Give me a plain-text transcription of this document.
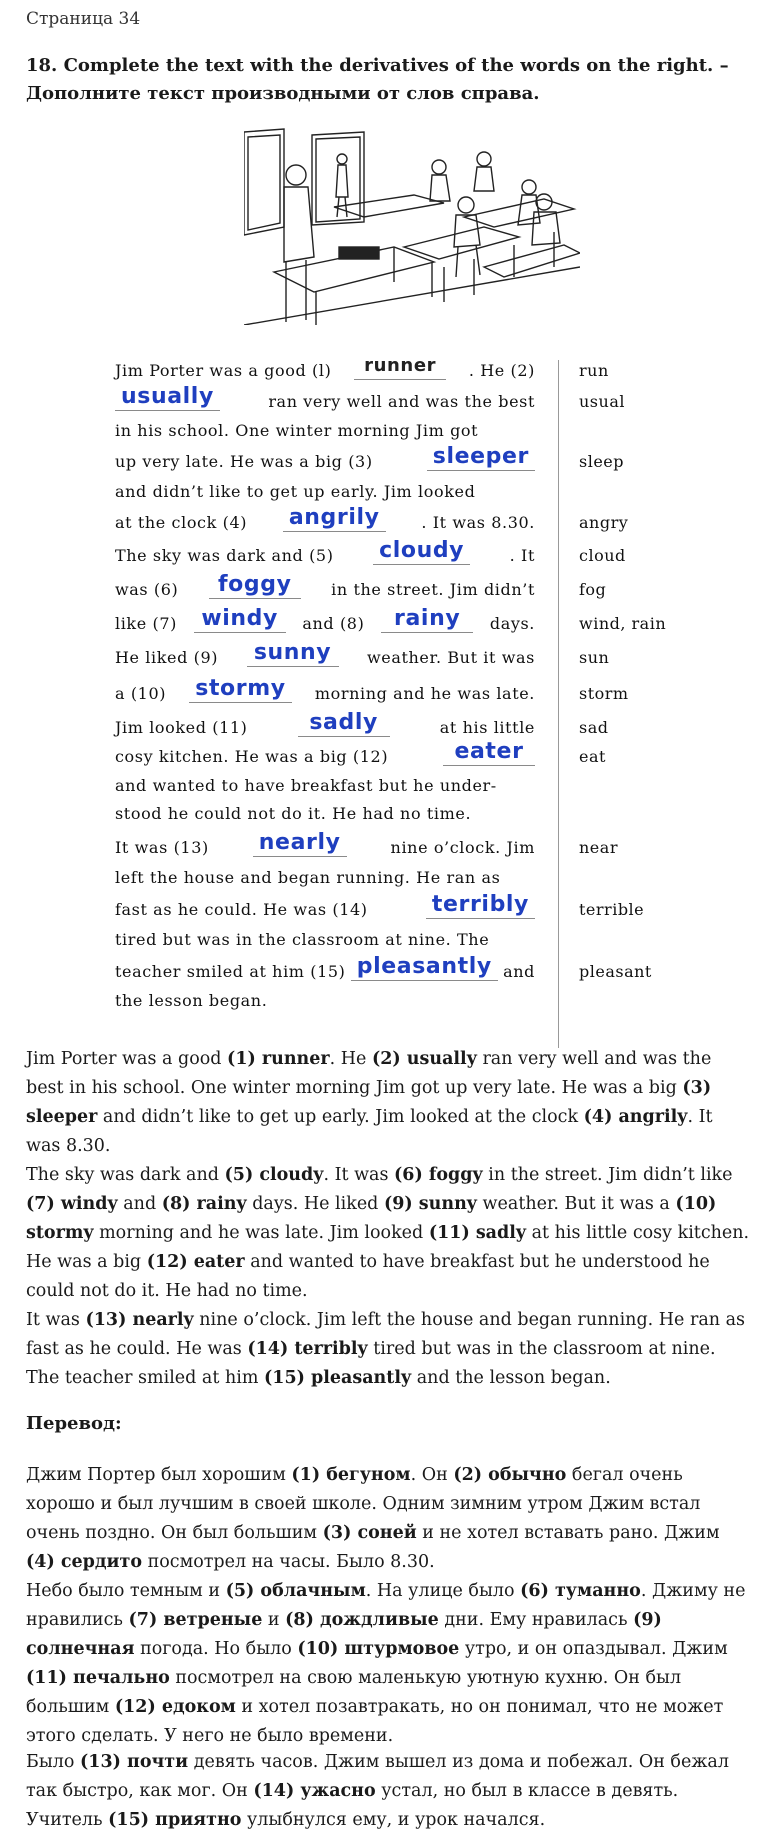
Страница 34
18. Complete the text with the derivatives of the words on the right. – Дополните текст производными от слов справа.
Jim Porter was a good (l)	runner	. He (2)	run
usually	ran very well and was the best	usual
in his school. One winter morning Jim got
up very late. He was a big (3)	sleeper	sleep
and didn’t like to get up early. Jim looked
at the clock (4) angrily	. It was 8.30.	angry
The sky was dark and (5) cloudy	. It	cloud
was (6)	foggy	in the street. Jim didn’t	fog
like (7)	windy	and (8)	rainy	days.	wind, rain
He liked (9)	sunny	weather. But it was	sun
a (10) stormy	morning and he was late.	storm
Jim looked (11)	sadly	at his little	sad
cosy kitchen. He was a big (12)	eater	eat
and wanted to have breakfast but he under-
stood he could not do it. He had no time.
It was (13) nearly	nine o’clock. Jim	near
left the house and began running. He ran as
fast as he could. He was (14)	terribly	terrible
tired but was in the classroom at nine. The
teacher smiled at him (15) pleasantly and	pleasant
the lesson began.
Jim Porter was a good (1) runner. He (2) usually ran very well and was the best in his school. One winter morning Jim got up very late. He was a big (3) sleeper and didn’t like to get up early. Jim looked at the clock (4) angrily. It was 8.30.
The sky was dark and (5) cloudy. It was (6) foggy in the street. Jim didn’t like (7) windy and (8) rainy days. He liked (9) sunny weather. But it was a (10) stormy morning and he was late. Jim looked (11) sadly at his little cosy kitchen. He was a big (12) eater and wanted to have breakfast but he understood he could not do it. He had no time.
It was (13) nearly nine o’clock. Jim left the house and began running. He ran as fast as he could. He was (14) terribly tired but was in the classroom at nine. The teacher smiled at him (15) pleasantly and the lesson began.
Перевод:
Джим Портер был хорошим (1) бегуном. Он (2) обычно бегал очень хорошо и был лучшим в своей школе. Одним зимним утром Джим встал очень поздно. Он был большим (3) соней и не хотел вставать рано. Джим (4) сердито посмотрел на часы. Было 8.30.
Небо было темным и (5) облачным. На улице было (6) туманно. Джиму не нравились (7) ветреные и (8) дождливые дни. Ему нравилась (9) солнечная погода. Но было (10) штурмовое утро, и он опаздывал. Джим (11) печально посмотрел на свою маленькую уютную кухню. Он был большим (12) едоком и хотел позавтракать, но он понимал, что не может этого сделать. У него не было времени.
Было (13) почти девять часов. Джим вышел из дома и побежал. Он бежал так быстро, как мог. Он (14) ужасно устал, но был в классе в девять. Учитель (15) приятно улыбнулся ему, и урок начался.
